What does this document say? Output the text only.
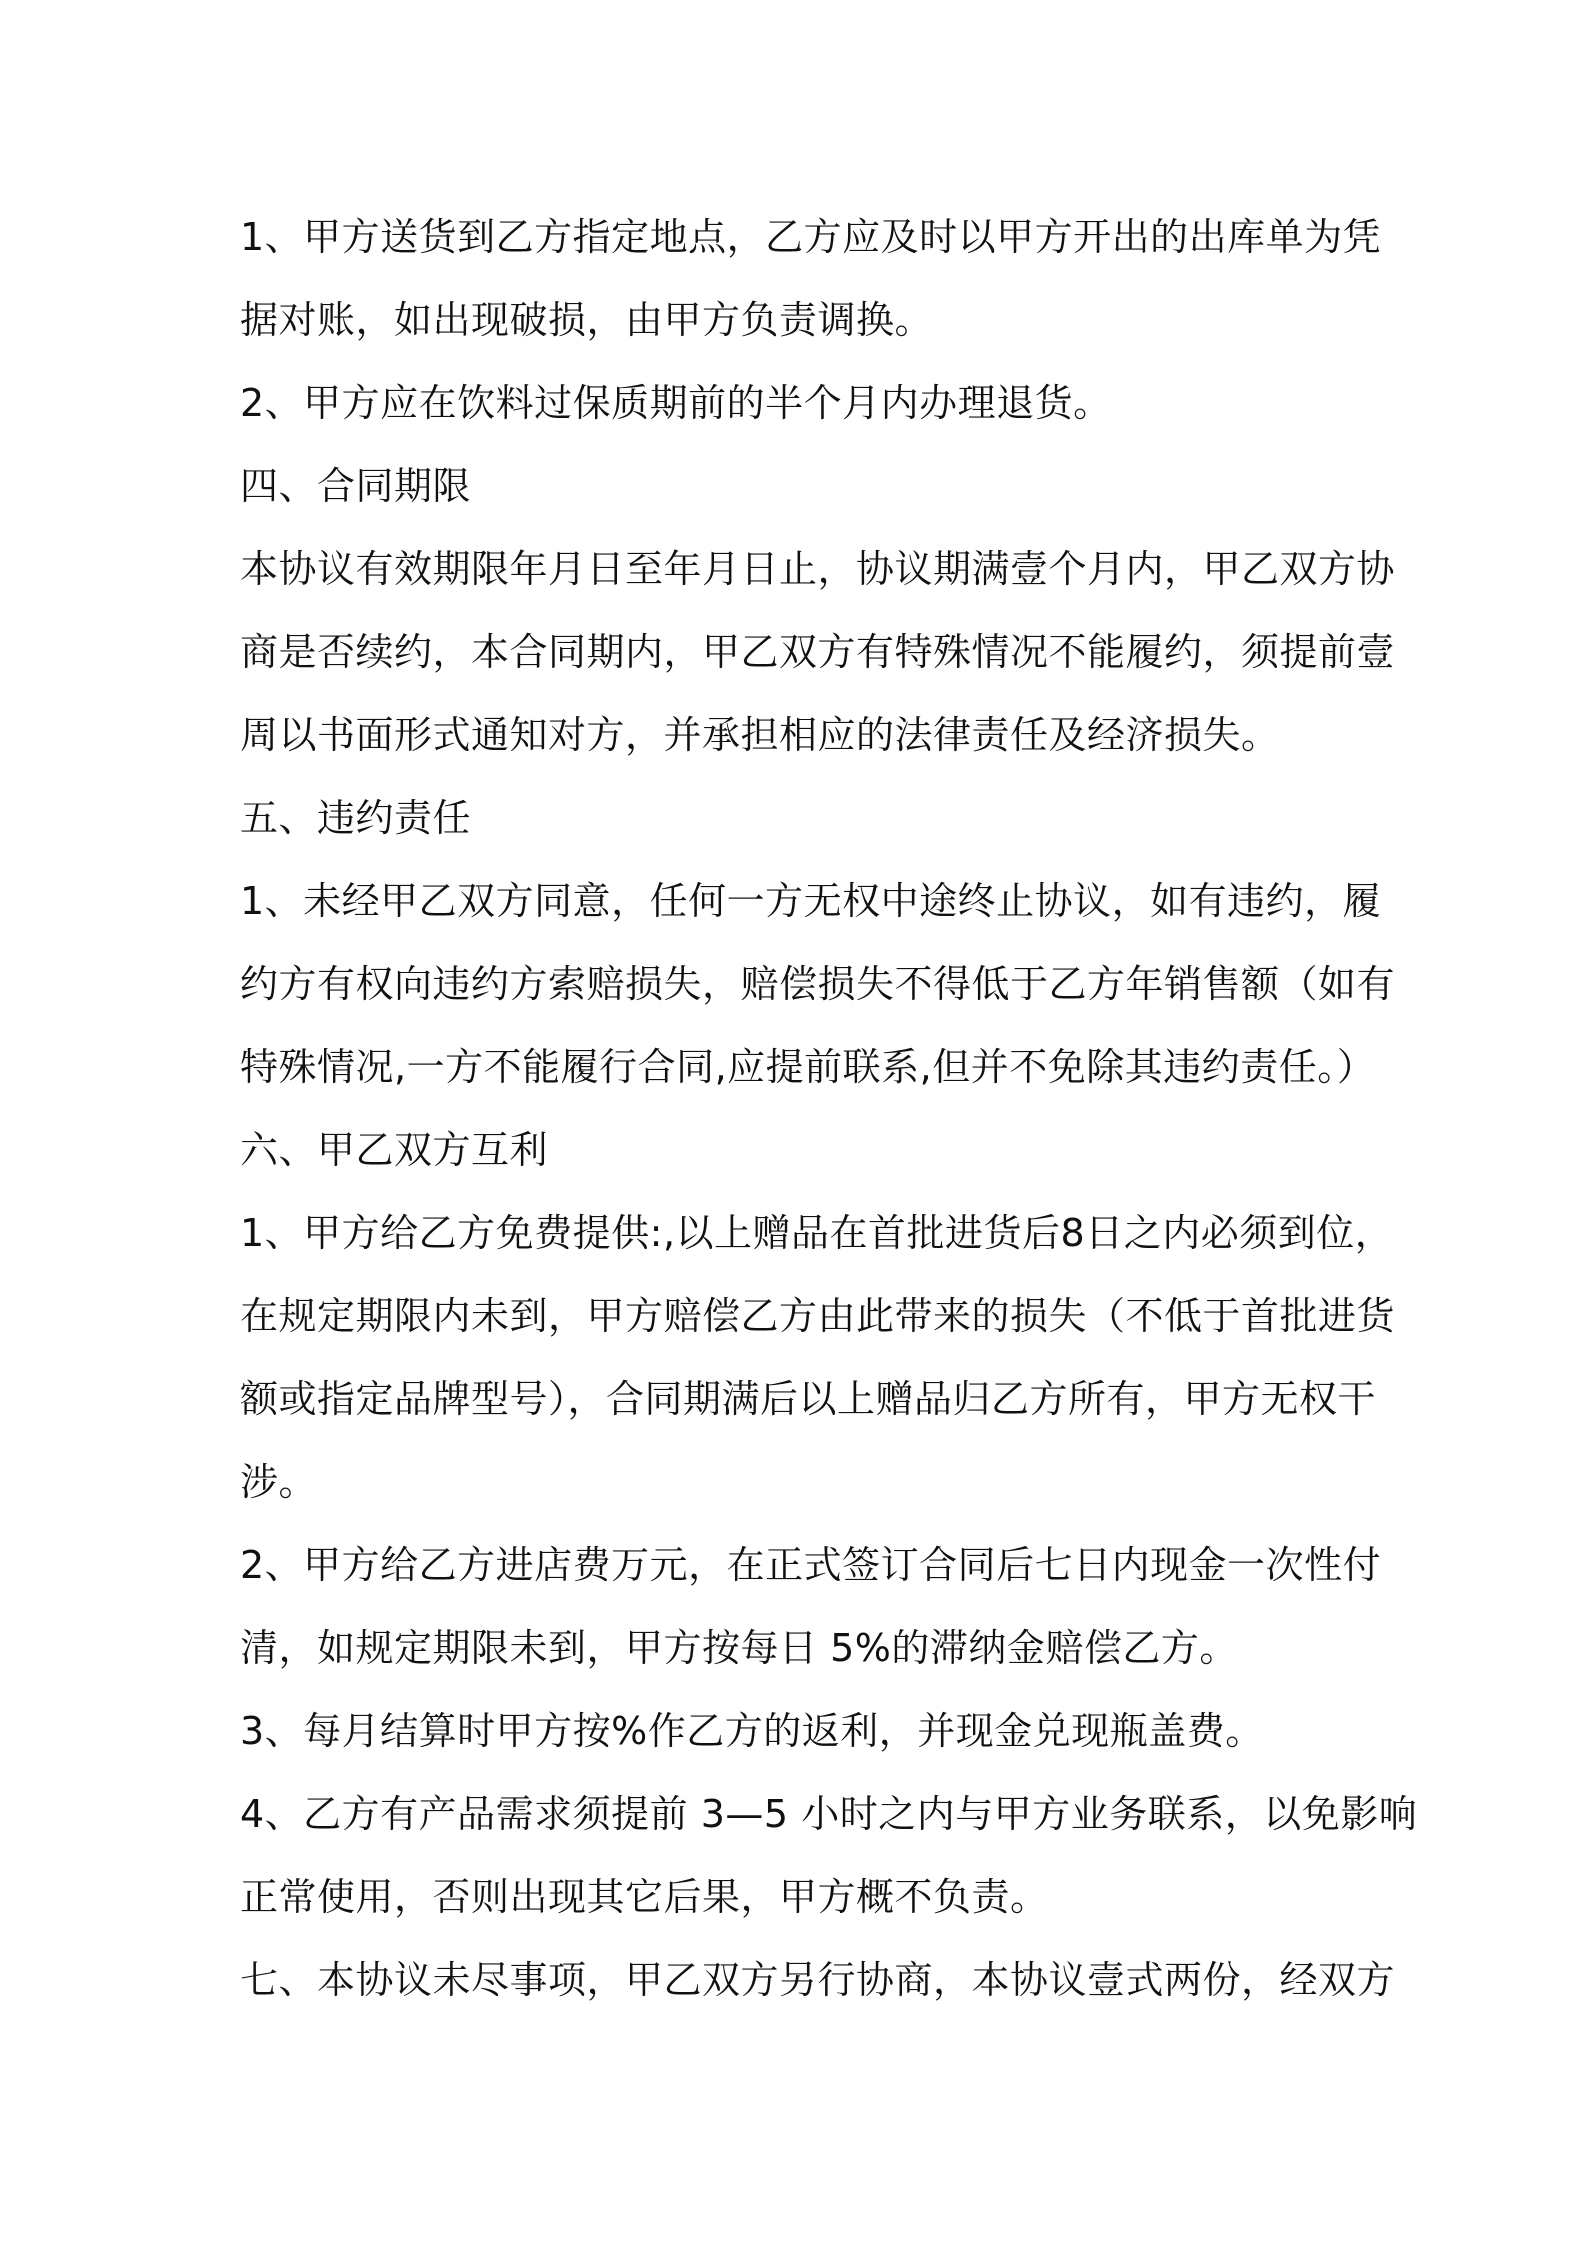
1、甲方送货到乙方指定地点，乙方应及时以甲方开出的出库单为凭
据对账，如出现破损，由甲方负责调换。
2、甲方应在饮料过保质期前的半个月内办理退货。
四、合同期限
本协议有效期限年月日至年月日止，协议期满壹个月内，甲乙双方协
商是否续约，本合同期内，甲乙双方有特殊情况不能履约，须提前壹
周以书面形式通知对方，并承担相应的法律责任及经济损失。
五、违约责任
1、未经甲乙双方同意，任何一方无权中途终止协议，如有违约，履
约方有权向违约方索赔损失，赔偿损失不得低于乙方年销售额（如有
特殊情况,一方不能履行合同,应提前联系,但并不免除其违约责任。）
六、甲乙双方互利
1、甲方给乙方免费提供:,以上赠品在首批进货后8日之内必须到位，
在规定期限内未到，甲方赔偿乙方由此带来的损失（不低于首批进货
额或指定品牌型号），合同期满后以上赠品归乙方所有，甲方无权干
涉。
2、甲方给乙方进店费万元，在正式签订合同后七日内现金一次性付
清，如规定期限未到，甲方按每日 5%的滞纳金赔偿乙方。
3、每月结算时甲方按%作乙方的返利，并现金兑现瓶盖费。
4、乙方有产品需求须提前 3—5 小时之内与甲方业务联系，以免影响
正常使用，否则出现其它后果，甲方概不负责。
七、本协议未尽事项，甲乙双方另行协商，本协议壹式两份，经双方
